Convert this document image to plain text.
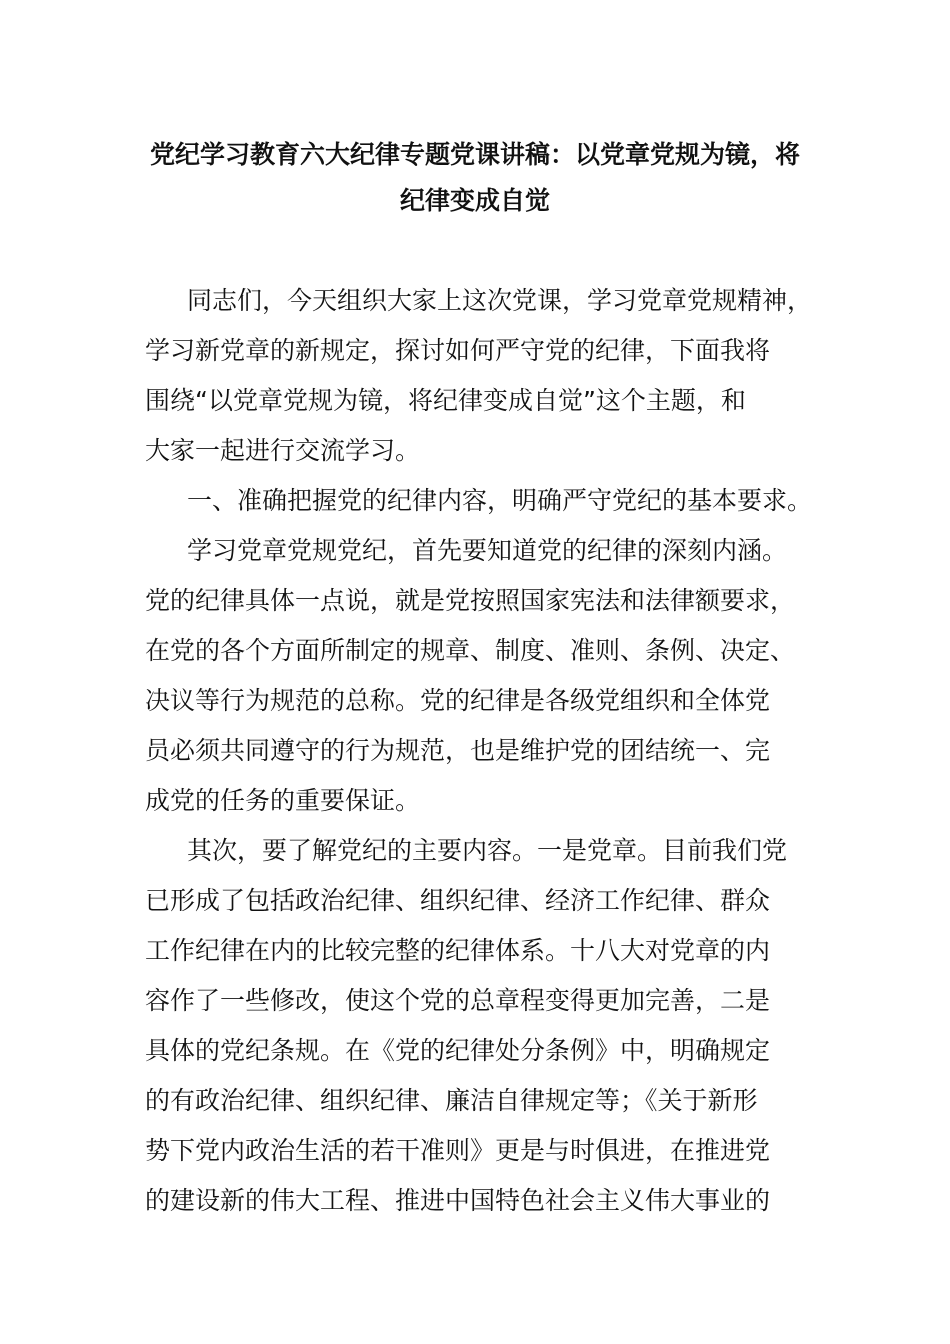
党纪学习教育六大纪律专题党课讲稿：以党章党规为镜，将
纪律变成自觉
同志们，今天组织大家上这次党课，学习党章党规精神，
学习新党章的新规定，探讨如何严守党的纪律，下面我将
围绕“以党章党规为镜，将纪律变成自觉”这个主题，和
大家一起进行交流学习。
一、准确把握党的纪律内容，明确严守党纪的基本要求。
学习党章党规党纪，首先要知道党的纪律的深刻内涵。
党的纪律具体一点说，就是党按照国家宪法和法律额要求，
在党的各个方面所制定的规章、制度、准则、条例、决定、
决议等行为规范的总称。党的纪律是各级党组织和全体党
员必须共同遵守的行为规范，也是维护党的团结统一、完
成党的任务的重要保证。
其次，要了解党纪的主要内容。一是党章。目前我们党
已形成了包括政治纪律、组织纪律、经济工作纪律、群众
工作纪律在内的比较完整的纪律体系。十八大对党章的内
容作了一些修改，使这个党的总章程变得更加完善，二是
具体的党纪条规。在《党的纪律处分条例》中，明确规定
的有政治纪律、组织纪律、廉洁自律规定等；《关于新形
势下党内政治生活的若干准则》更是与时俱进，在推进党
的建设新的伟大工程、推进中国特色社会主义伟大事业的
